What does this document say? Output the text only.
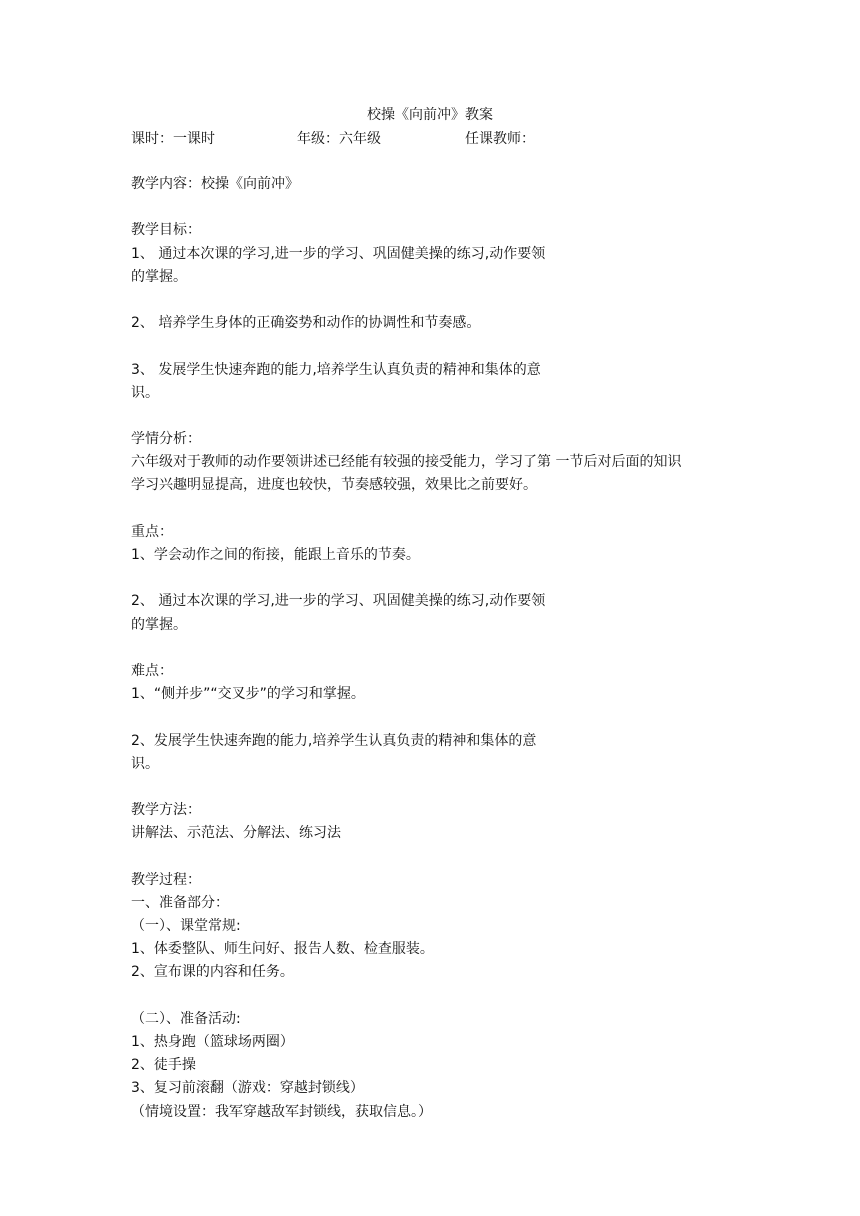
校操《向前冲》教案
课时：一课时	年级：六年级	任课教师：
教学内容：校操《向前冲》
教学目标：
1、 通过本次课的学习,进一步的学习、巩固健美操的练习,动作要领
的掌握。
2、 培养学生身体的正确姿势和动作的协调性和节奏感。
3、 发展学生快速奔跑的能力,培养学生认真负责的精神和集体的意
识。
学情分析：
六年级对于教师的动作要领讲述已经能有较强的接受能力，学习了第 一节后对后面的知识
学习兴趣明显提高，进度也较快，节奏感较强，效果比之前要好。
重点：
1、学会动作之间的衔接，能跟上音乐的节奏。
2、 通过本次课的学习,进一步的学习、巩固健美操的练习,动作要领
的掌握。
难点：
1、“侧并步”“交叉步”的学习和掌握。
2、发展学生快速奔跑的能力,培养学生认真负责的精神和集体的意
识。
教学方法：
讲解法、示范法、分解法、练习法
教学过程：
一、准备部分：
（一）、课堂常规:
1、体委整队、师生问好、报告人数、检查服装。
2、宣布课的内容和任务。
（二）、准备活动:
1、热身跑（篮球场两圈）
2、徒手操
3、复习前滚翻（游戏：穿越封锁线）
（情境设置：我军穿越敌军封锁线，获取信息。）
